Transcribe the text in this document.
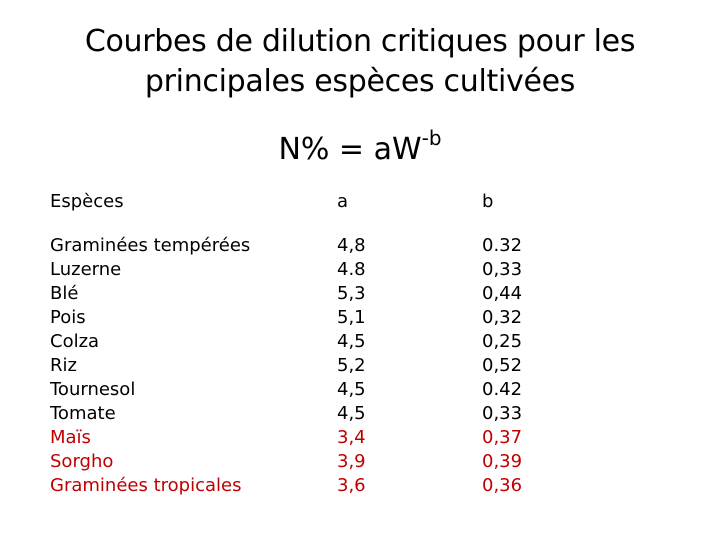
Courbes de dilution critiques pour les
principales espèces cultivées
$N\% = aW^{-b}$
Espèces	a	b
Graminées tempérées
Luzerne
Blé
Pois
Colza
Riz
Tournesol
Tomate
Maïs
Sorgho
Graminées tropicales
4,8
4.8
5,3
5,1
4,5
5,2
4,5
4,5
3,4
3,9
3,6
0.32
0,33
0,44
0,32
0,25
0,52
0.42
0,33
0,37
0,39
0,36
